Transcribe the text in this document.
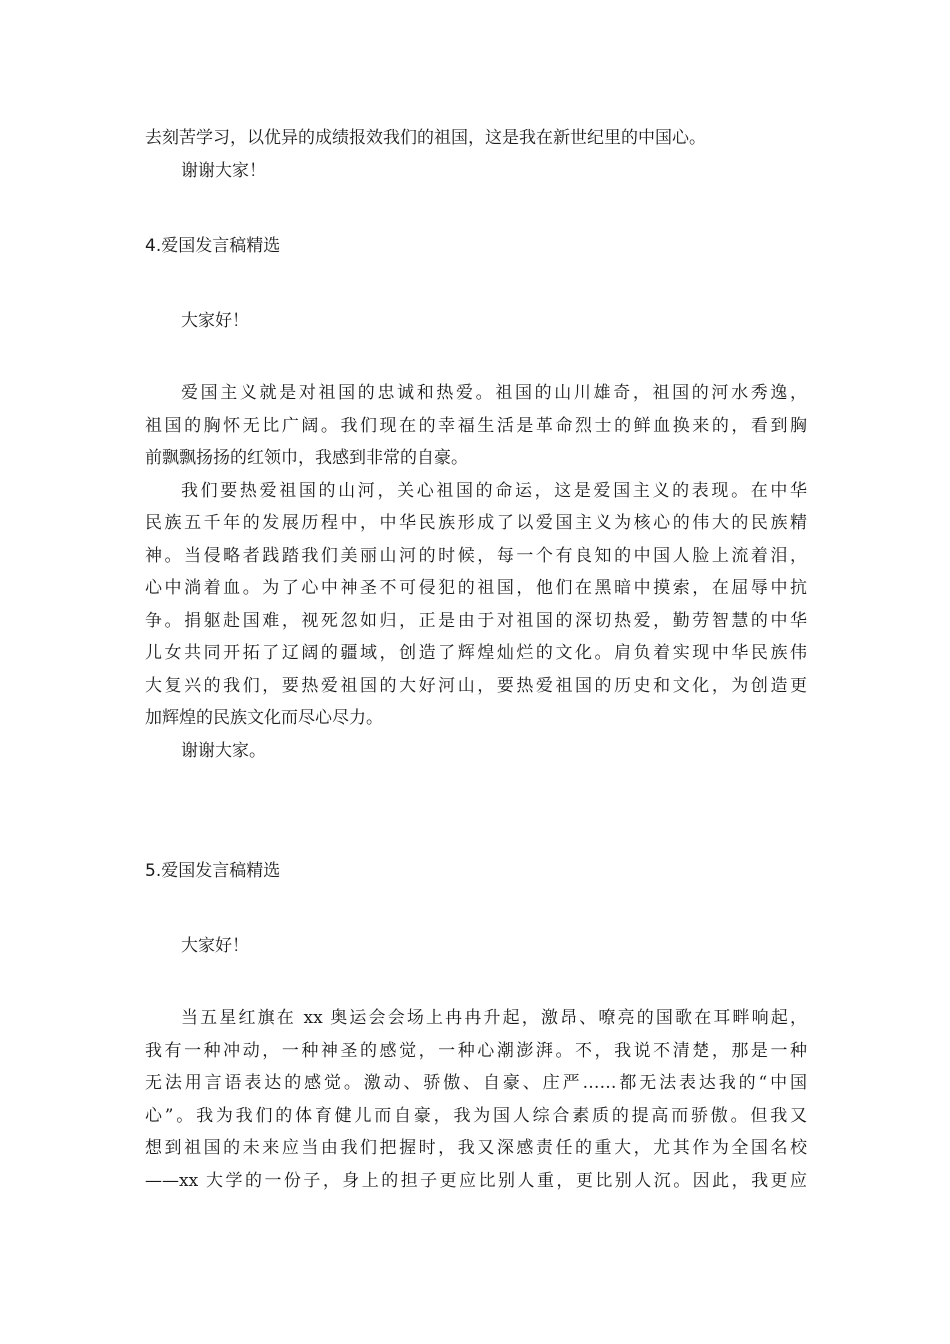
去刻苦学习，以优异的成绩报效我们的祖国，这是我在新世纪里的中国心。
谢谢大家！
4.爱国发言稿精选
大家好！
爱国主义就是对祖国的忠诚和热爱。祖国的山川雄奇，祖国的河水秀逸，
祖国的胸怀无比广阔。我们现在的幸福生活是革命烈士的鲜血换来的，看到胸
前飘飘扬扬的红领巾，我感到非常的自豪。
我们要热爱祖国的山河，关心祖国的命运，这是爱国主义的表现。在中华
民族五千年的发展历程中，中华民族形成了以爱国主义为核心的伟大的民族精
神。当侵略者践踏我们美丽山河的时候，每一个有良知的中国人脸上流着泪，
心中淌着血。为了心中神圣不可侵犯的祖国，他们在黑暗中摸索，在屈辱中抗
争。捐躯赴国难，视死忽如归，正是由于对祖国的深切热爱，勤劳智慧的中华
儿女共同开拓了辽阔的疆域，创造了辉煌灿烂的文化。肩负着实现中华民族伟
大复兴的我们，要热爱祖国的大好河山，要热爱祖国的历史和文化，为创造更
加辉煌的民族文化而尽心尽力。
谢谢大家。
5.爱国发言稿精选
大家好！
当五星红旗在 xx 奥运会会场上冉冉升起，激昂、嘹亮的国歌在耳畔响起，
我有一种冲动，一种神圣的感觉，一种心潮澎湃。不，我说不清楚，那是一种
无法用言语表达的感觉。激动、骄傲、自豪、庄严……都无法表达我的“中国
心”。我为我们的体育健儿而自豪，我为国人综合素质的提高而骄傲。但我又
想到祖国的未来应当由我们把握时，我又深感责任的重大，尤其作为全国名校
——xx 大学的一份子，身上的担子更应比别人重，更比别人沉。因此，我更应
